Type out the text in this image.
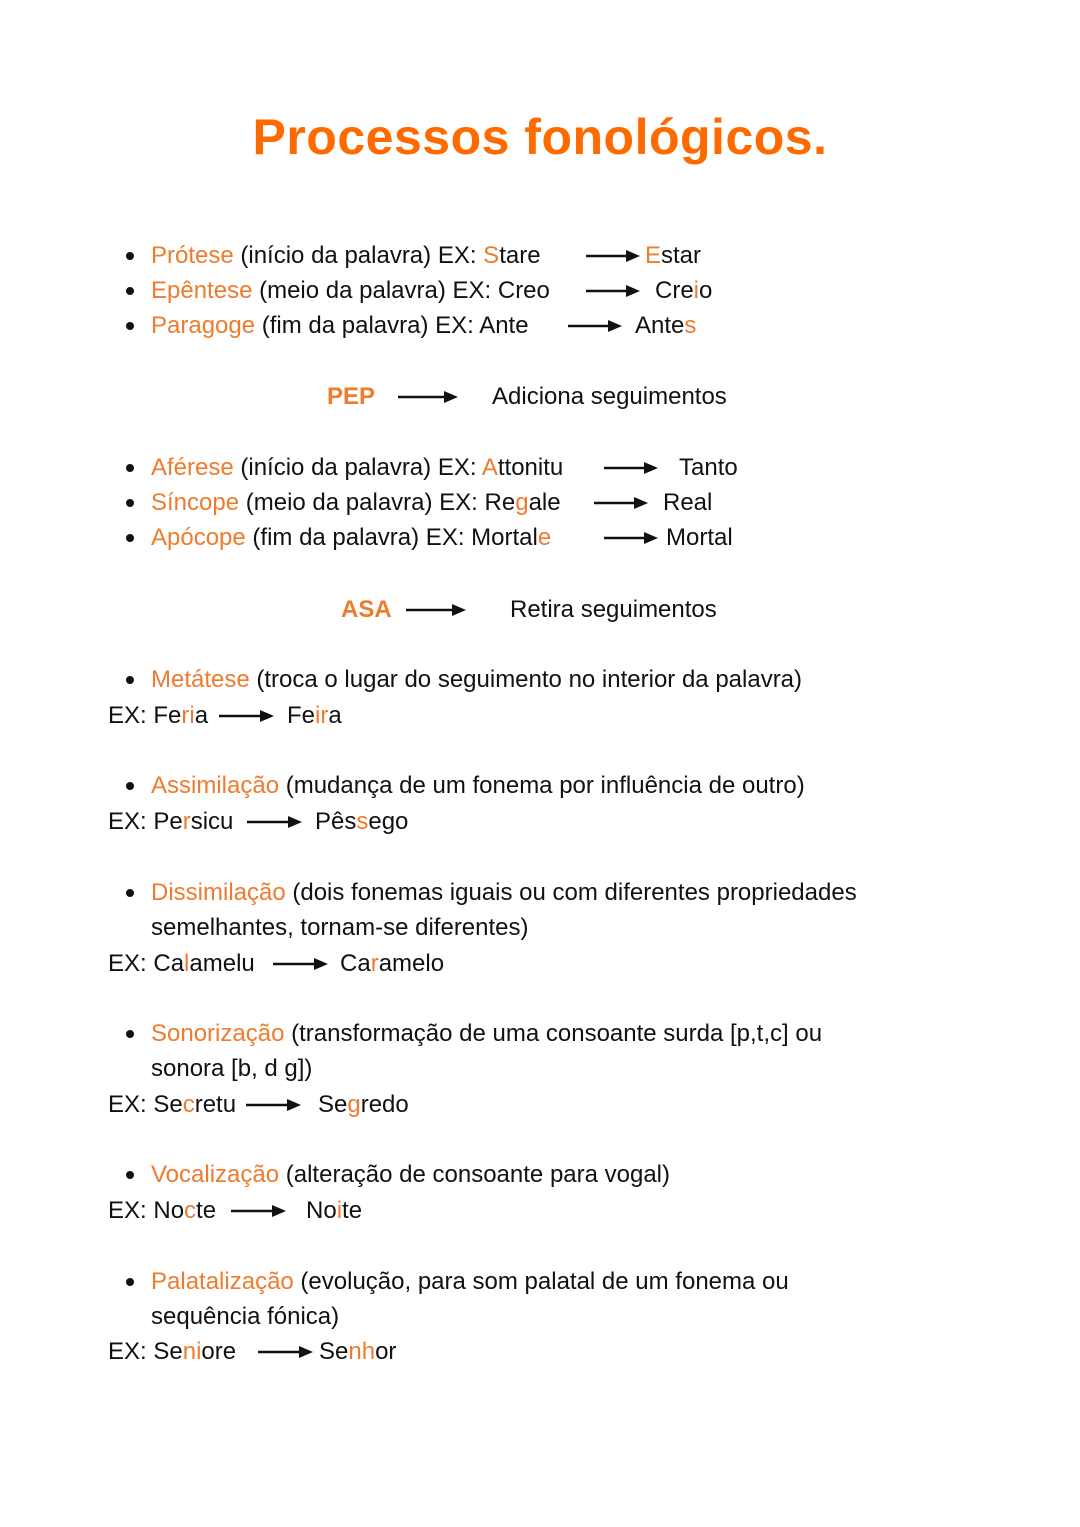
Processos fonológicos.
Prótese (início da palavra) EX: Stare	Estar
Epêntese (meio da palavra) EX: Creo	Creio
Paragoge (fim da palavra) EX: Ante	Antes
Aférese (início da palavra) EX: Attonitu	Tanto
Síncope (meio da palavra) EX: Regale	Real
Apócope (fim da palavra) EX: Mortale	Mortal
PEP	Adiciona seguimentos
ASA	Retira seguimentos
Metátese (troca o lugar do seguimento no interior da palavra)
EX: Feria	Feira
Assimilação (mudança de um fonema por influência de outro)
EX: Persicu	Pêssego
Dissimilação (dois fonemas iguais ou com diferentes propriedades
semelhantes, tornam-se diferentes)
EX: Calamelu	Caramelo
Sonorização (transformação de uma consoante surda [p,t,c] ou
sonora [b, d g])
EX: Secretu	Segredo
Vocalização (alteração de consoante para vogal)
EX: Nocte	Noite
Palatalização (evolução, para som palatal de um fonema ou
sequência fónica)
EX: Seniore	Senhor
